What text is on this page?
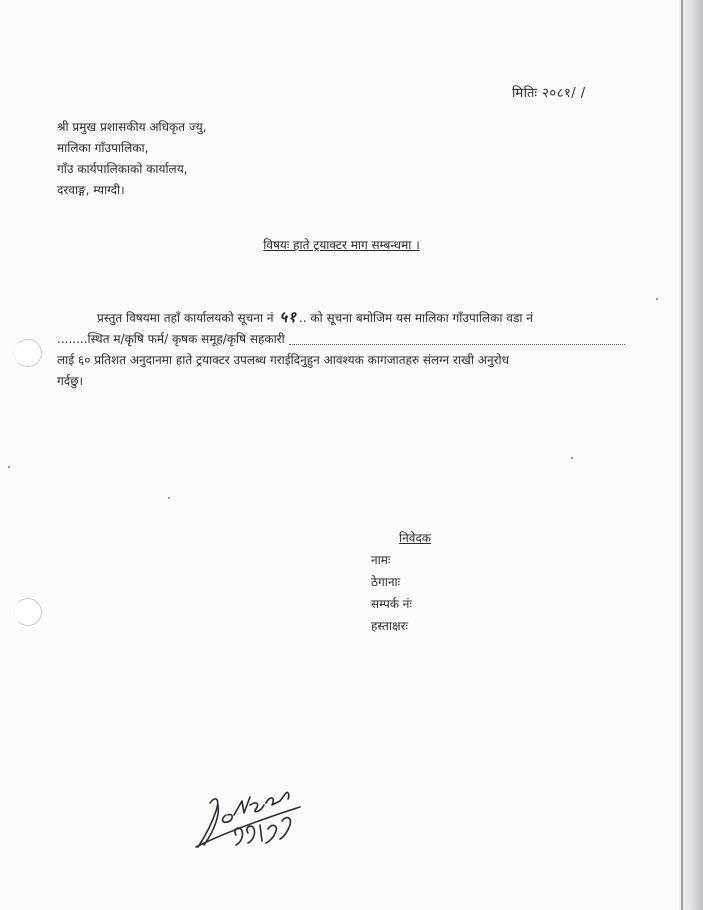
मितिः २०८१/ /
श्री प्रमुख प्रशासकीय अधिकृत ज्यु,
मालिका गाँउपालिका,
गाँउ कार्यपालिकाको कार्यालय,
दरवाङ्ग, म्याग्दी।
विषयः हाते ट्रयाक्टर माग सम्बन्धमा ।
प्रस्तुत विषयमा तहाँ कार्यालयको सूचना नं ५१ .. को सूचना बमोजिम यस मालिका गाँउपालिका वडा नं
........स्थित म/कृषि फर्म/ कृषक समूह/कृषि सहकारी
लाई ६० प्रतिशत अनुदानमा हाते ट्रयाक्टर उपलब्ध गराईदिनुहुन आवश्यक कागजातहरु संलग्न राखी अनुरोध
गर्दछु।
निवेदक
नामः
ठेगानाः
सम्पर्क नंः
हस्ताक्षरः
